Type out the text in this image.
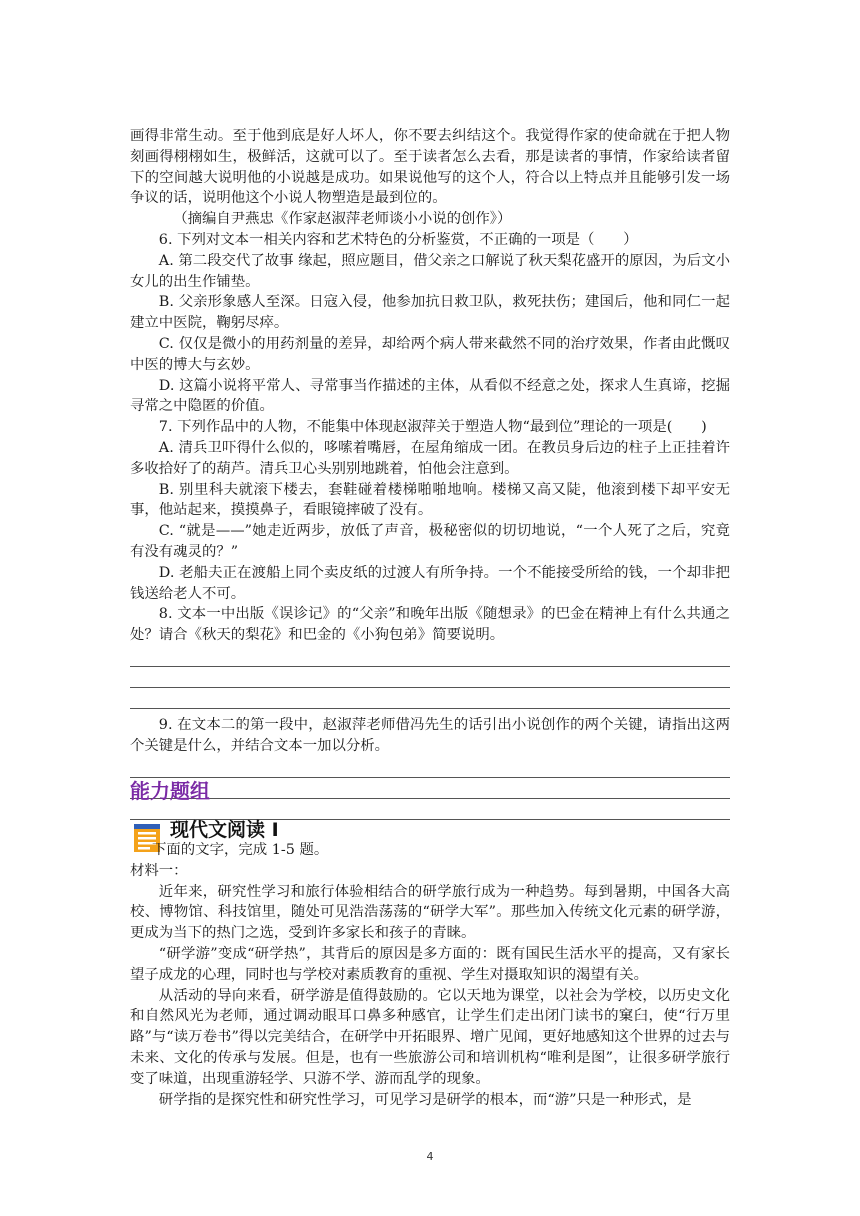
画得非常生动。至于他到底是好人坏人，你不要去纠结这个。我觉得作家的使命就在于把人物刻画得栩栩如生，极鲜活，这就可以了。至于读者怎么去看，那是读者的事情，作家给读者留下的空间越大说明他的小说越是成功。如果说他写的这个人，符合以上特点并且能够引发一场争议的话，说明他这个小说人物塑造是最到位的。

（摘编自尹燕忠《作家赵淑萍老师谈小小说的创作》）

6. 下列对文本一相关内容和艺术特色的分析鉴赏，不正确的一项是（　　）

A. 第二段交代了故事 缘起，照应题目，借父亲之口解说了秋天梨花盛开的原因，为后文小女儿的出生作铺垫。

B. 父亲形象感人至深。日寇入侵，他参加抗日救卫队，救死扶伤；建国后，他和同仁一起建立中医院，鞠躬尽瘁。

C. 仅仅是微小的用药剂量的差异，却给两个病人带来截然不同的治疗效果，作者由此慨叹中医的博大与玄妙。

D. 这篇小说将平常人、寻常事当作描述的主体，从看似不经意之处，探求人生真谛，挖掘寻常之中隐匿的价值。

7. 下列作品中的人物，不能集中体现赵淑萍关于塑造人物“最到位”理论的一项是(　　)

A. 清兵卫吓得什么似的，哆嗦着嘴唇，在屋角缩成一团。在教员身后边的柱子上正挂着许多收拾好了的葫芦。清兵卫心头别别地跳着，怕他会注意到。

B. 别里科夫就滚下楼去，套鞋碰着楼梯啪啪地响。楼梯又高又陡，他滚到楼下却平安无事，他站起来，摸摸鼻子，看眼镜摔破了没有。

C. “就是——”她走近两步，放低了声音，极秘密似的切切地说，“一个人死了之后，究竟有没有魂灵的？”

D. 老船夫正在渡船上同个卖皮纸的过渡人有所争持。一个不能接受所给的钱，一个却非把钱送给老人不可。

8. 文本一中出版《误诊记》的“父亲”和晚年出版《随想录》的巴金在精神上有什么共通之处？请合《秋天的梨花》和巴金的《小狗包弟》简要说明。

9. 在文本二的第一段中，赵淑萍老师借冯先生的话引出小说创作的两个关键，请指出这两个关键是什么，并结合文本一加以分析。

能力题组
现代文阅读 I

下面的文字，完成 1-5 题。

材料一：

近年来，研究性学习和旅行体验相结合的研学旅行成为一种趋势。每到暑期，中国各大高校、博物馆、科技馆里，随处可见浩浩荡荡的“研学大军”。那些加入传统文化元素的研学游，更成为当下的热门之选，受到许多家长和孩子的青睐。

“研学游”变成“研学热”，其背后的原因是多方面的：既有国民生活水平的提高，又有家长望子成龙的心理，同时也与学校对素质教育的重视、学生对摄取知识的渴望有关。

从活动的导向来看，研学游是值得鼓励的。它以天地为课堂，以社会为学校，以历史文化和自然风光为老师，通过调动眼耳口鼻多种感官，让学生们走出闭门读书的窠臼，使“行万里路”与“读万卷书”得以完美结合，在研学中开拓眼界、增广见闻，更好地感知这个世界的过去与未来、文化的传承与发展。但是，也有一些旅游公司和培训机构“唯利是图”，让很多研学旅行变了味道，出现重游轻学、只游不学、游而乱学的现象。

研学指的是探究性和研究性学习，可见学习是研学的根本，而“游”只是一种形式，是

4
